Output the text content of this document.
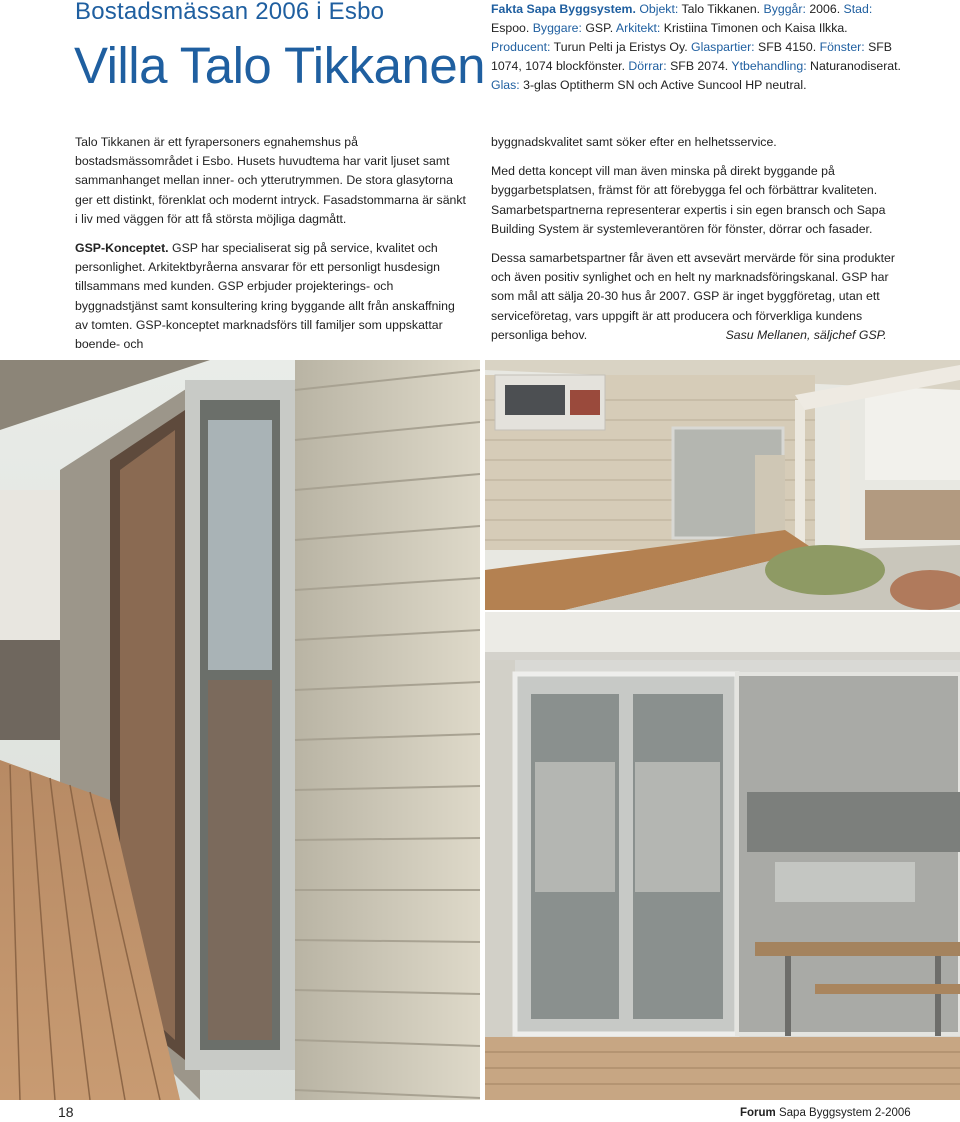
Bostadsmässan 2006 i Esbo
Villa Talo Tikkanen
Fakta Sapa Byggsystem. Objekt: Talo Tikkanen. Byggår: 2006. Stad: Espoo. Byggare: GSP. Arkitekt: Kristiina Timonen och Kaisa Ilkka. Producent: Turun Pelti ja Eristys Oy. Glaspartier: SFB 4150. Fönster: SFB 1074, 1074 blockfönster. Dörrar: SFB 2074. Ytbehandling: Naturanodiserat. Glas: 3-glas Optitherm SN och Active Suncool HP neutral.

Talo Tikkanen är ett fyrapersoners egnahemshus på bostadsmässområdet i Esbo. Husets huvudtema har varit ljuset samt sammanhanget mellan inner- och ytterutrymmen. De stora glasytorna ger ett distinkt, förenklat och modernt intryck. Fasadstommarna är sänkt i liv med väggen för att få största möjliga dagmått.

GSP-Konceptet. GSP har specialiserat sig på service, kvalitet och personlighet. Arkitektbyråerna ansvarar för ett personligt husdesign tillsammans med kunden. GSP erbjuder projekterings- och byggnadstjänst samt konsultering kring byggande allt från anskaffning av tomten. GSP-konceptet marknadsförs till familjer som uppskattar boende- och

byggnadskvalitet samt söker efter en helhetsservice.

Med detta koncept vill man även minska på direkt byggande på byggarbetsplatsen, främst för att förebygga fel och förbättrar kvaliteten. Samarbetspartnerna representerar expertis i sin egen bransch och Sapa Building System är systemleverantören för fönster, dörrar och fasader.

Dessa samarbetspartner får även ett avsevärt mervärde för sina produkter och även positiv synlighet och en helt ny marknadsföringskanal. GSP har som mål att sälja 20-30 hus år 2007. GSP är inget byggföretag, utan ett serviceföretag, vars uppgift är att producera och förverkliga kundens personliga behov.	Sasu Mellanen, säljchef GSP.

18	Forum Sapa Byggsystem 2-2006
